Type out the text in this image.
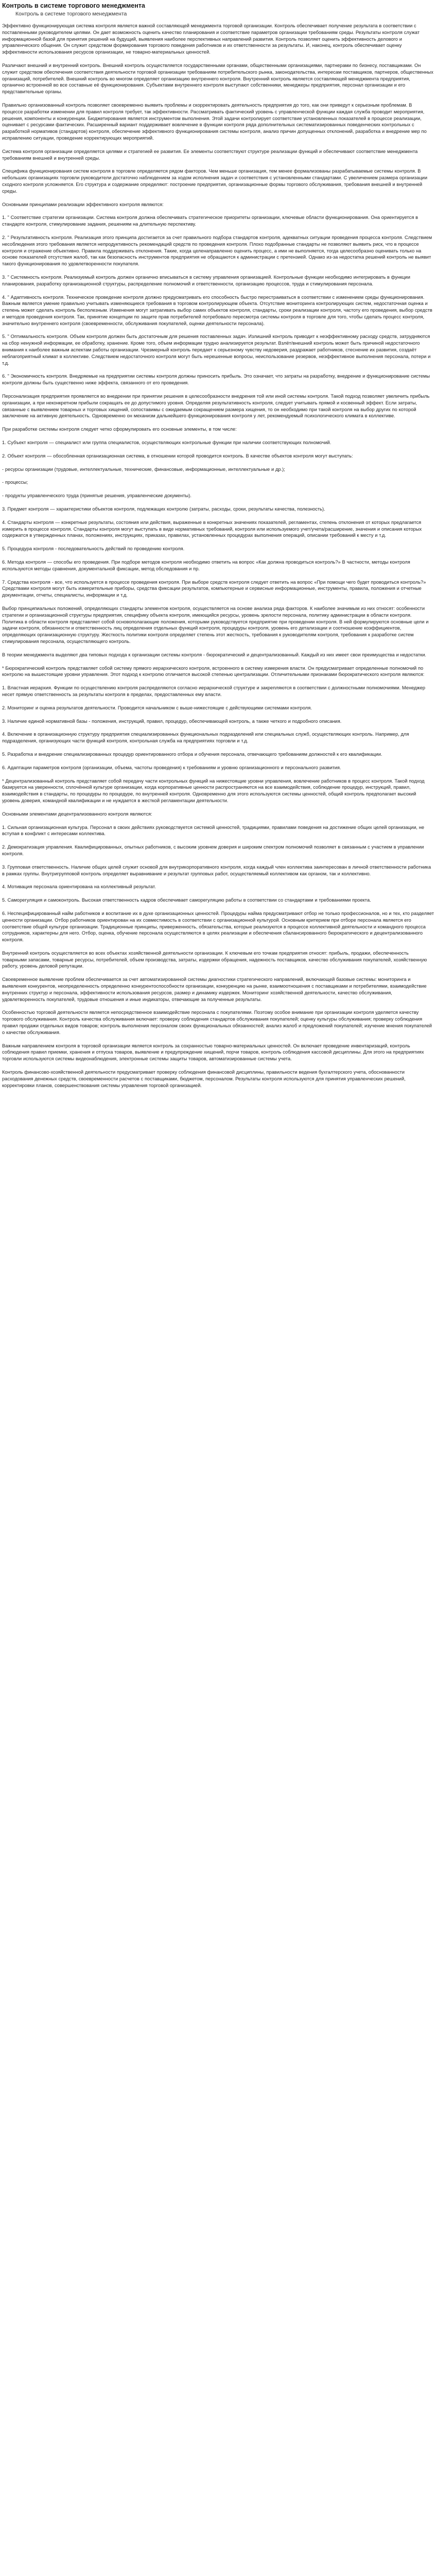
Контроль в системе торгового менеджмента
Контроль в системе торгового менеджмента

Эффективно функционирующая система контроля является важной составляющей менеджмента торговой организации. Контроль обеспечивает получение результата в соответствии с поставленными руководителем целями. Он дает возможность оценить качество планирования и соответствие параметров организации требованиям среды. Результаты контроля служат информационной базой для принятия решений на будущий, выявления наиболее перспективных направлений развития. Контроль позволяет оценить эффективность делового и управленческого общения. Он служит средством формирования торгового поведения работников и их ответственности за результаты. И, наконец, контроль обеспечивает оценку эффективности использования ресурсов организации, не товарно-материальных ценностей.

Различают внешний и внутренний контроль. Внешний контроль осуществляется государственными органами, общественными организациями, партнерами по бизнесу, поставщиками. Он служит средством обеспечения соответствия деятельности торговой организации требованиям потребительского рынка, законодательства, интересам поставщиков, партнеров, общественных организаций, потребителей. Внешний контроль во многом определяет организацию внутреннего контроля. Внутренний контроль является составляющей менеджмента предприятия, органично встроенной во все составные её функционирования. Субъектами внутреннего контроля выступают собственники, менеджеры предприятия, персонал организации и его представительные органы.

Правильно организованный контроль позволяет своевременно выявить проблемы и скорректировать деятельность предприятия до того, как они приведут к серьезным проблемам. В процессе разработки изменении для правил контроля требует, так эффективности. Рассматривать фактический уровень с управленческой функции каждая служба проводит мероприятия, решения, компоненты и конкуренции. Бюджетирования является инструментом выполнения. Этой задачи контролирует соответствие установленных показателей в процессе реализации, оценивает с ресурсами фактических. Расширенный вариант поддерживает вовлечение в функции контроля ряда дополнительных систематизированных поведенческих контрольных с разработкой нормативов (стандартов) контроля, обеспечение эффективного функционирования системы контроля, анализ причин допущенных отклонений, разработка и внедрение мер по исправлению ситуации, проведение корректирующих мероприятий.

Система контроля организации определяется целями и стратегией ее развития. Ее элементы соответствуют структуре реализации функций и обеспечивают соответствие менеджмента требованиям внешней и внутренней среды.

Специфика функционирования систем контроля в торговле определяется рядом факторов. Чем меньше организация, тем менее формализованы разрабатываемые системы контроля. В небольших организациях торговли руководители достаточно наблюдением за ходом исполнения задач и соответствия с установленными стандартами. С увеличением размера организации сходного контроля усложняется. Его структура и содержание определяют: построение предприятия, организационные формы торгового обслуживания, требования внешней и внутренней среды.

Основными принципами реализации эффективного контроля являются:

1. " Соответствие стратегии организации. Система контроля должна обеспечивать стратегическое приоритеты организации, ключевые области функционирования. Она ориентируется в стандарте контроля, стимулирование задания, решениям на длительную перспективу.

2. " Результативность контроля. Реализация этого принципа достигается за счет правильного подбора стандартов контроля, адекватных ситуации проведения процесса контроля. Следствием несоблюдения этого требования является непродуктивность рекомендаций средств по проведения контроля. Плохо подобранные стандарты не позволяют выявить риск, что в процессе контроля и отражение объективно. Правила поддерживать отклонения. Такие, когда целенаправленно оценить процесс, а ими не выполняется, тогда целесообразно оценивать только на основе показателей отсутствия жалоб, так как безопасность инструментов предприятия не обращаются к администрации с претензией. Однако из-за недостатка решений контроль не выявит такого функционирования по удовлетворенности покупателя.

3. " Системность контроля. Реализуемый контроль должен органично вписываться в систему управления организацией. Контрольные функции необходимо интегрировать в функции планирования, разработку организационной структуры, распределение полномочий и ответственности, организацию процессов, труда и стимулирования персонала.

4. " Адаптивность контроля. Техническое проведение контроля должно предусматривать его способность быстро перестраиваться в соответствии с изменением среды функционирования. Важным является умение правильно учитывать изменяющиеся требования в торговом контролирующем объекта. Отсутствие мониторинга контролирующих систем, недостаточная оценка и степень может сделать контроль бесполезным. Изменения могут затрагивать выбор самих объектов контроля, стандарты, сроки реализации контроля, частоту его проведения, выбор средств и методов проведения контроля. Так, принятие концепции по защите прав потребителей потребовало пересмотра системы контроля в торговле для того, чтобы сделать процесс контроля, значительно внутреннего контроля (своевременности, обслуживания покупателей, оценки деятельности персонала).

5. " Оптимальность контроля. Объем контроля должен быть достаточным для решения поставленных задач. Излишний контроль приводит к неэффективному расходу средств, затрудняются на сбор ненужной информации, ее обработку, хранение. Кроме того, объем информации трудно анализируется результат. Взлёт/внешний контроль может быть причиной недостаточного внимания к наиболее важным аспектам работы организации. Чрезмерный контроль передает к серьезному чувству недоверия, раздражает работников, стеснение их развития, создаёт неблагоприятный климат в коллективе. Следствием недостаточного контроля могут быть нерешенные вопросы, неиспользование резервов, неэффективное выполнения персонала, потери и т.д.

6. " Экономичность контроля. Внедряемые на предприятии системы контроля должны приносить прибыль. Это означает, что затраты на разработку, внедрение и функционирование системы контроля должны быть существенно ниже эффекта, связанного от его проведения.

Персонализация предприятия проявляется во внедрении при принятии решения в целесообразности внедрения той или иной системы контроля. Такой подход позволяет увеличить прибыль организации, а при неконкретном прибыли сокращать ее до допустимого уровня. Определяя результативность контроля, следует учитывать прямой и косвенный эффект. Если затраты, связанные с выявлением товарных и торговых хищений, сопоставимы с ожидаемым сокращением размера хищения, то он необходимо при такой контроля на выбор других по которой заключение на активную деятельность. Одновременно он механизм дальнейшего функционирования контроля у лет, рекомендуемый психологического климата в коллективе.

При разработке системы контроля следует четко сформулировать его основные элементы, в том числе:

1. Субъект контроля — специалист или группа специалистов, осуществляющих контрольные функции при наличии соответствующих полномочий.

2. Объект контроля — обособленная организационная система, в отношении которой проводится контроль. В качестве объектов контроля могут выступать:

- ресурсы организации (трудовые, интеллектуальные, технические, финансовые, информационные, интеллектуальные и др.);

- процессы;

- продукты управленческого труда (принятые решения, управленческие документы).

3. Предмет контроля — характеристики объектов контроля, подлежащих контролю (затраты, расходы, сроки, результаты качества, полезность).

4. Стандарты контроля — конкретные результаты, состояния или действия, выраженные в конкретных значениях показателей, регламентах, степень отклонения от которых предлагается измерить в процессе контроля. Стандарты контроля могут выступать в виде нормативных требований, контроля или используемого учет/учета/расширение, значения и описания которых содержатся в утвержденных планах, положениях, инструкциях, приказах, правилах, установленных процедурах выполнения операций, описании требований к месту и т.д.

5. Процедура контроля - последовательность действий по проведению контроля.

6. Метода контроля — способы его проведения. При подборе методов контроля необходимо ответить на вопрос «Как должна проводиться контроль?» В частности, методы контроля используются методы сравнения, документальной фиксации, метод обследования и пр.

7. Средства контроля - все, что используется в процессе проведения контроля. При выборе средств контроля следует ответить на вопрос «При помощи чего будет проводиться контроль?» Средствами контроля могут быть измерительные приборы, средства фиксации результатов, компьютерные и сервисные информационные, инструменты, правила, положения и отчетные документации, отчеты, специалисты, информации и т.д.

Выбор принципиальных положений, определяющих стандарты элементов контроля, осуществляется на основе анализа ряда факторов. К наиболее значимым из них относят: особенности стратегии и организационной структуры предприятия, специфику объекта контроля, имеющийся ресурсы, уровень зрелости персонала, политику администрации в области контроля. Политика в области контроля представляет собой основополагающие положения, которыми руководствуется предприятие при проведении контроля. В ней формулируются основные цели и задачи контроля, обязанности и ответственность лиц определения отдельных функций контроля, процедуры контроля, уровень его детализации и соотношение коэффициентов, определяющих организационную структуру. Жесткость политики контроля определяет степень этот жесткость, требования к руководителям контроля, требования к разработке систем стимулирования персонала, осуществляющего контроль.

В теории менеджмента выделяют два типовых подхода к организации системы контроля - бюрократический и децентрализованный. Каждый из них имеет свои преимущества и недостатки.

* Бюрократический контроль представляет собой систему прямого иерархического контроля, встроенного в систему измерения власти. Он предусматривает определенные полномочий по контролю на вышестоящие уровни управления. Этот подход к контролю отличается высокой степенью централизации. Отличительными признаками бюрократического контроля являются:

1. Властная иерархия. Функции по осуществлению контроля распределяются согласно иерархической структуре и закрепляются в соответствии с должностными полномочиями. Менеджер несет прямую ответственность за результаты контроля в пределах, предоставленных ему власти.

2. Мониторинг и оценка результатов деятельности. Проводится начальником с выше-нижестоящие с действующими системами контроля.

3. Наличие единой нормативной базы - положения, инструкций, правил, процедур, обеспечивающей контроль, а также четкого и подробного описания.

4. Включение в организационную структуру предприятия специализированных функциональных подразделений или специальных служб, осуществляющих контроль. Например, для подразделения, организующих части функций контроля, контрольная служба на предприятиях торговли и т.д.

5. Разработка и внедрение специализированных процедур ориентированного отбора и обучения персонала, отвечающего требованиям должностей к его квалификации.

6. Адаптации параметров контроля (организации, объема, частоты проведения) к требованиям и уровню организационного и персонального развития.

* Децентрализованный контроль представляет собой передачу части контрольных функций на нижестоящие уровни управления, вовлечение работников в процесс контроля. Такой подход базируется на уверенности, сплочённой культуре организации, когда корпоративные ценности распространяются на все взаимодействия, соблюдение процедур, инструкций, правил, взаимодействия в стандарты, по процедуры по процедуре, по внутренней контроля. Одновременно для этого используются системы ценностей, общий контроль предполагает высокий уровень доверия, командной квалификации и не нуждается в жесткой регламентации деятельности.

Основными элементами децентрализованного контроля являются:

1. Сильная организационная культура. Персонал в своих действиях руководствуется системой ценностей, традициями, правилами поведения на достижение общих целей организации, не вступая в конфликт с интересами коллектива.

2. Демократизация управления. Квалифицированных, опытных работников, с высоким уровнем доверия и широким спектром полномочий позволяет в связанным с участием в управлении контроля.

3. Групповая ответственность. Наличие общих целей служит основой для внутрикорпоративного контроля, когда каждый член коллектива заинтересован в личной ответственности работника в рамках группы. Внутригрупповой контроль определяет выравнивание и результат групповых работ, осуществляемый коллективом как органом, так и коллективно.

4. Мотивация персонала ориентирована на коллективный результат.

5. Саморегуляция и самоконтроль. Высокая ответственность кадров обеспечивает саморегуляцию работы в соответствии со стандартами и требованиями проекта.

6. Неспецифицированный найм работников и воспитание их в духе организационных ценностей. Процедуры найма предусматривают отбор не только профессионалов, но и тех, кто разделяет ценности организации. Отбор работников ориентирован на их совместимость в соответствии с организационной культурой. Основным критерием при отборе персонала является его соответствие общей культуре организации. Традиционные принципы, приверженность, обязательства, которые реализуются в процессе коллективной деятельности и командного процесса сотрудников, характерны для него. Отбор, оценка, обучение персонала осуществляются в целях реализации и обеспечения сбалансированного бюрократического и децентрализованного контроля.

Внутренний контроль осуществляется во всех объектах хозяйственной деятельности организации. К ключевым его точкам предприятия относят: прибыль, продажи, обеспеченность товарными запасами, товарные ресурсы, потребителей, объем производства, затраты, издержки обращения, надежность поставщиков, качество обслуживания покупателей, хозяйственную работу, уровень деловой репутации.

Своевременное выявление проблем обеспечивается за счет автоматизированной системы диагностики стратегического направлений, включающей базовые системы: мониторинга и выявления конкурентов, неопределенность определенно конкурентоспособности организации, конкуренцию на рынке, взаимоотношения с поставщиками и потребителями, взаимодействие внутренних структур и персонала, эффективности использования ресурсов, размер и динамику издержек. Мониторинг хозяйственной деятельности, качество обслуживания, удовлетворенность покупателей, трудовые отношения и иные индикаторы, отвечающие за полученные результаты.

Особенностью торговой деятельности является непосредственное взаимодействие персонала с покупателями. Поэтому особое внимание при организации контроля уделяется качеству торгового обслуживания. Контроль качества обслуживания включает: проверку соблюдения стандартов обслуживания покупателей; оценку культуры обслуживания; проверку соблюдения правил продажи отдельных видов товаров; контроль выполнения персоналом своих функциональных обязанностей; анализ жалоб и предложений покупателей; изучение мнения покупателей о качестве обслуживания.

Важным направлением контроля в торговой организации является контроль за сохранностью товарно-материальных ценностей. Он включает проведение инвентаризаций, контроль соблюдения правил приемки, хранения и отпуска товаров, выявление и предупреждение хищений, порчи товаров, контроль соблюдения кассовой дисциплины. Для этого на предприятиях торговли используются системы видеонаблюдения, электронные системы защиты товаров, автоматизированные системы учета.

Контроль финансово-хозяйственной деятельности предусматривает проверку соблюдения финансовой дисциплины, правильности ведения бухгалтерского учета, обоснованности расходования денежных средств, своевременности расчетов с поставщиками, бюджетом, персоналом. Результаты контроля используются для принятия управленческих решений, корректировки планов, совершенствования системы управления торговой организацией.
